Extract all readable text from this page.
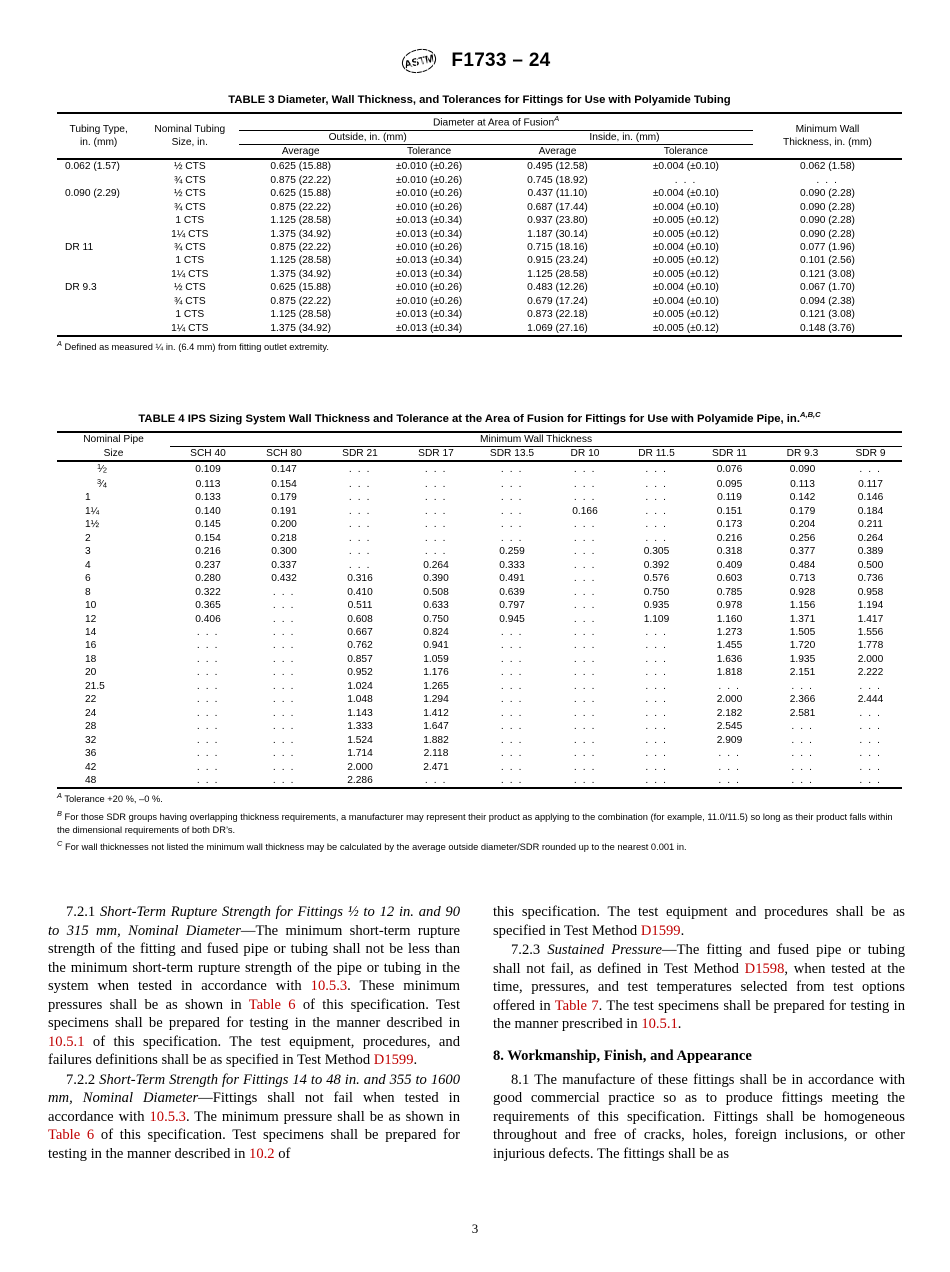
ASTM F1733 – 24
TABLE 3 Diameter, Wall Thickness, and Tolerances for Fittings for Use with Polyamide Tubing
Tubing Type,
in. (mm)	Nominal Tubing
Size, in.	Diameter at Area of Fusion$^A$				Minimum Wall
Thickness, in. (mm)
		Outside, in. (mm)		Inside, in. (mm)		
		Average	Tolerance	Average	Tolerance	
0.062 (1.57)	½ CTS	0.625 (15.88)	±0.010 (±0.26)	0.495 (12.58)	±0.004 (±0.10)	0.062 (1.58)
	¾ CTS	0.875 (22.22)	±0.010 (±0.26)	0.745 (18.92)	. . .	. . .
0.090 (2.29)	½ CTS	0.625 (15.88)	±0.010 (±0.26)	0.437 (11.10)	±0.004 (±0.10)	0.090 (2.28)
	¾ CTS	0.875 (22.22)	±0.010 (±0.26)	0.687 (17.44)	±0.004 (±0.10)	0.090 (2.28)
	1 CTS	1.125 (28.58)	±0.013 (±0.34)	0.937 (23.80)	±0.005 (±0.12)	0.090 (2.28)
	1¼ CTS	1.375 (34.92)	±0.013 (±0.34)	1.187 (30.14)	±0.005 (±0.12)	0.090 (2.28)
DR 11	¾ CTS	0.875 (22.22)	±0.010 (±0.26)	0.715 (18.16)	±0.004 (±0.10)	0.077 (1.96)
	1 CTS	1.125 (28.58)	±0.013 (±0.34)	0.915 (23.24)	±0.005 (±0.12)	0.101 (2.56)
	1¼ CTS	1.375 (34.92)	±0.013 (±0.34)	1.125 (28.58)	±0.005 (±0.12)	0.121 (3.08)
DR 9.3	½ CTS	0.625 (15.88)	±0.010 (±0.26)	0.483 (12.26)	±0.004 (±0.10)	0.067 (1.70)
	¾ CTS	0.875 (22.22)	±0.010 (±0.26)	0.679 (17.24)	±0.004 (±0.10)	0.094 (2.38)
	1 CTS	1.125 (28.58)	±0.013 (±0.34)	0.873 (22.18)	±0.005 (±0.12)	0.121 (3.08)
	1¼ CTS	1.375 (34.92)	±0.013 (±0.34)	1.069 (27.16)	±0.005 (±0.12)	0.148 (3.76)
$^A$ Defined as measured ¼ in. (6.4 mm) from fitting outlet extremity.
TABLE 4 IPS Sizing System Wall Thickness and Tolerance at the Area of Fusion for Fittings for Use with Polyamide Pipe, in.$^{A,B,C}$
Nominal Pipe
Size	Minimum Wall Thickness									
	SCH 40	SCH 80	SDR 21	SDR 17	SDR 13.5	DR 10	DR 11.5	SDR 11	DR 9.3	SDR 9
$^1⁄_2$	0.109	0.147	. . .	. . .	. . .	. . .	. . .	0.076	0.090	. . .
$^3⁄_4$	0.113	0.154	. . .	. . .	. . .	. . .	. . .	0.095	0.113	0.117
1	0.133	0.179	. . .	. . .	. . .	. . .	. . .	0.119	0.142	0.146
1¼	0.140	0.191	. . .	. . .	. . .	0.166	. . .	0.151	0.179	0.184
1½	0.145	0.200	. . .	. . .	. . .	. . .	. . .	0.173	0.204	0.211
2	0.154	0.218	. . .	. . .	. . .	. . .	. . .	0.216	0.256	0.264
3	0.216	0.300	. . .	. . .	0.259	. . .	0.305	0.318	0.377	0.389
4	0.237	0.337	. . .	0.264	0.333	. . .	0.392	0.409	0.484	0.500
6	0.280	0.432	0.316	0.390	0.491	. . .	0.576	0.603	0.713	0.736
8	0.322	. . .	0.410	0.508	0.639	. . .	0.750	0.785	0.928	0.958
10	0.365	. . .	0.511	0.633	0.797	. . .	0.935	0.978	1.156	1.194
12	0.406	. . .	0.608	0.750	0.945	. . .	1.109	1.160	1.371	1.417
14	. . .	. . .	0.667	0.824	. . .	. . .	. . .	1.273	1.505	1.556
16	. . .	. . .	0.762	0.941	. . .	. . .	. . .	1.455	1.720	1.778
18	. . .	. . .	0.857	1.059	. . .	. . .	. . .	1.636	1.935	2.000
20	. . .	. . .	0.952	1.176	. . .	. . .	. . .	1.818	2.151	2.222
21.5	. . .	. . .	1.024	1.265	. . .	. . .	. . .	. . .	. . .	. . .
22	. . .	. . .	1.048	1.294	. . .	. . .	. . .	2.000	2.366	2.444
24	. . .	. . .	1.143	1.412	. . .	. . .	. . .	2.182	2.581	. . .
28	. . .	. . .	1.333	1.647	. . .	. . .	. . .	2.545	. . .	. . .
32	. . .	. . .	1.524	1.882	. . .	. . .	. . .	2.909	. . .	. . .
36	. . .	. . .	1.714	2.118	. . .	. . .	. . .	. . .	. . .	. . .
42	. . .	. . .	2.000	2.471	. . .	. . .	. . .	. . .	. . .	. . .
48	. . .	. . .	2.286	. . .	. . .	. . .	. . .	. . .	. . .	. . .
$^A$ Tolerance +20 %, –0 %.
$^B$ For those SDR groups having overlapping thickness requirements, a manufacturer may represent their product as applying to the combination (for example, 11.0/11.5) so long as their product falls within the dimensional requirements of both DR’s.
$^C$ For wall thicknesses not listed the minimum wall thickness may be calculated by the average outside diameter/SDR rounded up to the nearest 0.001 in.

7.2.1 Short-Term Rupture Strength for Fittings ½ to 12 in. and 90 to 315 mm, Nominal Diameter—The minimum short-term rupture strength of the fitting and fused pipe or tubing shall not be less than the minimum short-term rupture strength of the pipe or tubing in the system when tested in accordance with 10.5.3. These minimum pressures shall be as shown in Table 6 of this specification. Test specimens shall be prepared for testing in the manner described in 10.5.1 of this specification. The test equipment, procedures, and failures definitions shall be as specified in Test Method D1599.

7.2.2 Short-Term Strength for Fittings 14 to 48 in. and 355 to 1600 mm, Nominal Diameter—Fittings shall not fail when tested in accordance with 10.5.3. The minimum pressure shall be as shown in Table 6 of this specification. Test specimens shall be prepared for testing in the manner described in 10.2 of

this specification. The test equipment and procedures shall be as specified in Test Method D1599.

7.2.3 Sustained Pressure—The fitting and fused pipe or tubing shall not fail, as defined in Test Method D1598, when tested at the time, pressures, and test temperatures selected from test options offered in Table 7. The test specimens shall be prepared for testing in the manner prescribed in 10.5.1.

8. Workmanship, Finish, and Appearance

8.1 The manufacture of these fittings shall be in accordance with good commercial practice so as to produce fittings meeting the requirements of this specification. Fittings shall be homogeneous throughout and free of cracks, holes, foreign inclusions, or other injurious defects. The fittings shall be as

3
